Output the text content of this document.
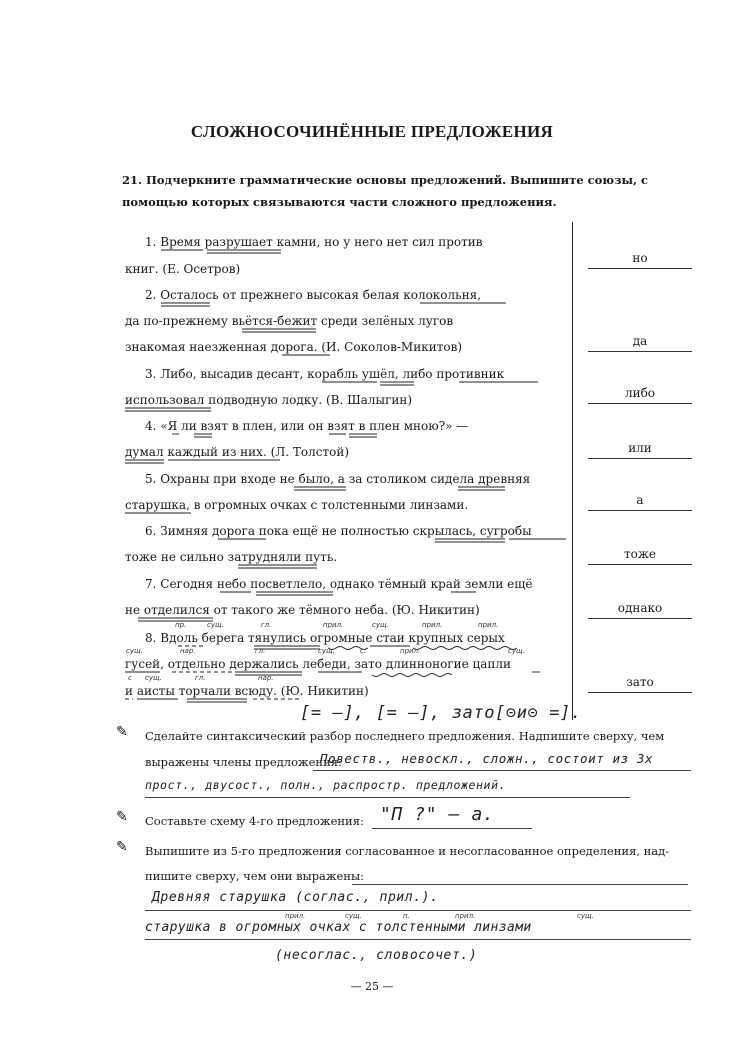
СЛОЖНОСОЧИНЁННЫЕ ПРЕДЛОЖЕНИЯ
21. Подчеркните грамматические основы предложений. Выпишите союзы, с помощью которых связываются части сложного предложения.
1. Время разрушает камни, но у него нет сил против
книг. (Е. Осетров)
2. Осталось от прежнего высокая белая колокольня,
да по-прежнему вьётся-бежит среди зелёных лугов
знакомая наезженная дорога. (И. Соколов-Микитов)
3. Либо, высадив десант, корабль ушёл, либо противник
использовал подводную лодку. (В. Шалыгин)
4. «Я ли взят в плен, или он взят в плен мною?» —
думал каждый из них. (Л. Толстой)
5. Охраны при входе не было, а за столиком сидела древняя
старушка, в огромных очках с толстенными линзами.
6. Зимняя дорога пока ещё не полностью скрылась, сугробы
тоже не сильно затрудняли путь.
7. Сегодня небо посветлело, однако тёмный край земли ещё
не отделился от такого же тёмного неба. (Ю. Никитин)
8. Вдоль берега тянулись огромные стаи крупных серых
гусей, отдельно держались лебеди, зато длинноногие цапли
и аисты торчали всюду. (Ю. Никитин)
но
да
либо
или
а
тоже
однако
зато
пр.	сущ.	гл.	прил.	сущ.	прил.	прил.
сущ.	нар.	гл.	сущ.	с.	прил.	сущ.
с сущ.	гл.	нар.
[= –], [= –], зато[⊝и⊝ =].
✎ Сделайте синтаксический разбор последнего предложения. Надпишите сверху, чем
выражены члены предложения:
Повеств., невоскл., сложн., состоит из 3х
прост., двусост., полн., распростр. предложений.
✎ Составьте схему 4-го предложения: "П ?" – а.
✎ Выпишите из 5-го предложения согласованное и несогласованное определения, над-
пишите сверху, чем они выражены:
Древняя старушка (соглас., прил.).
прил.	сущ.	п.	прил.	сущ.
старушка в огромных очках с толстенными линзами
(несоглас., словосочет.)
— 25 —
